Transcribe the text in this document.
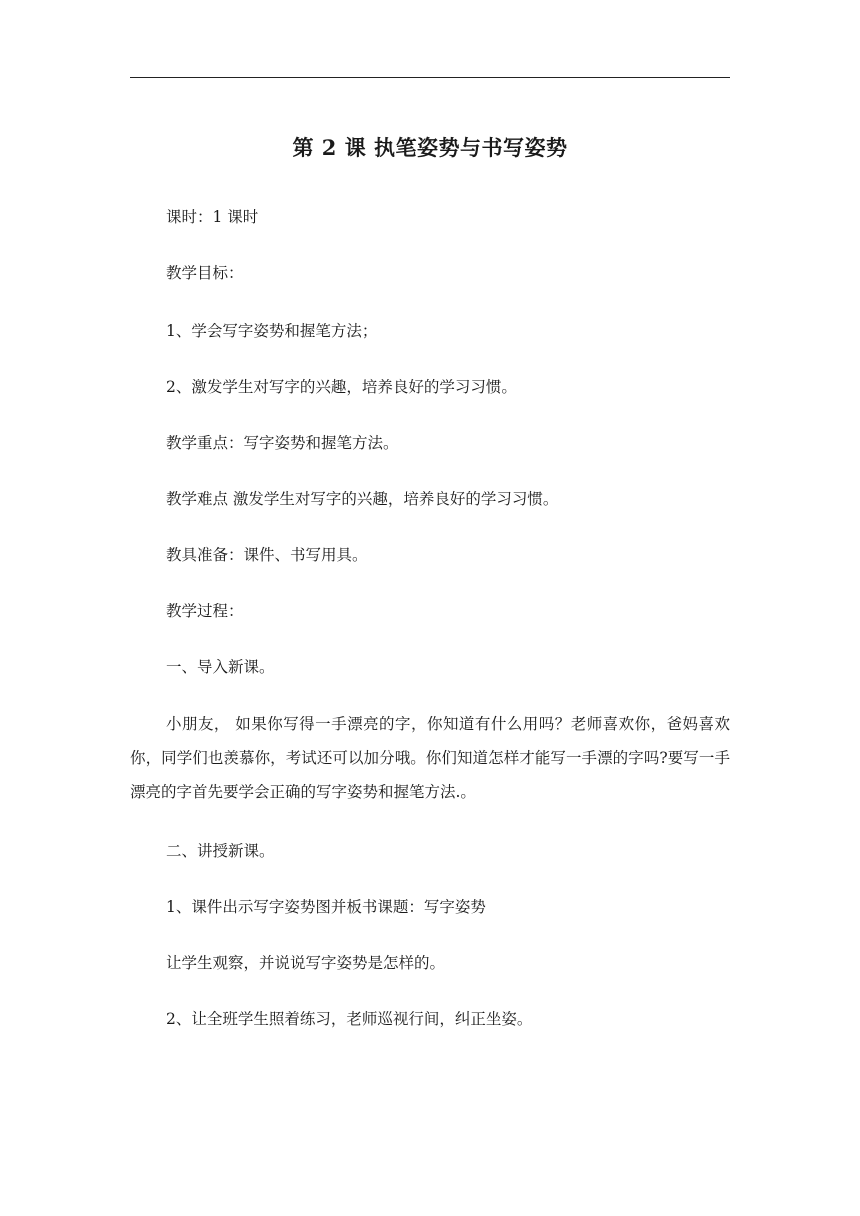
第 2 课 执笔姿势与书写姿势
课时：1 课时
教学目标：
1、学会写字姿势和握笔方法；
2、激发学生对写字的兴趣，培养良好的学习习惯。
教学重点：写字姿势和握笔方法。
教学难点 激发学生对写字的兴趣，培养良好的学习习惯。
教具准备：课件、书写用具。
教学过程：
一、导入新课。
小朋友， 如果你写得一手漂亮的字，你知道有什么用吗？老师喜欢你，爸妈喜欢你，同学们也羡慕你，考试还可以加分哦。你们知道怎样才能写一手漂的字吗?要写一手漂亮的字首先要学会正确的写字姿势和握笔方法.。
二、讲授新课。
1、课件出示写字姿势图并板书课题：写字姿势
让学生观察，并说说写字姿势是怎样的。
2、让全班学生照着练习，老师巡视行间，纠正坐姿。
